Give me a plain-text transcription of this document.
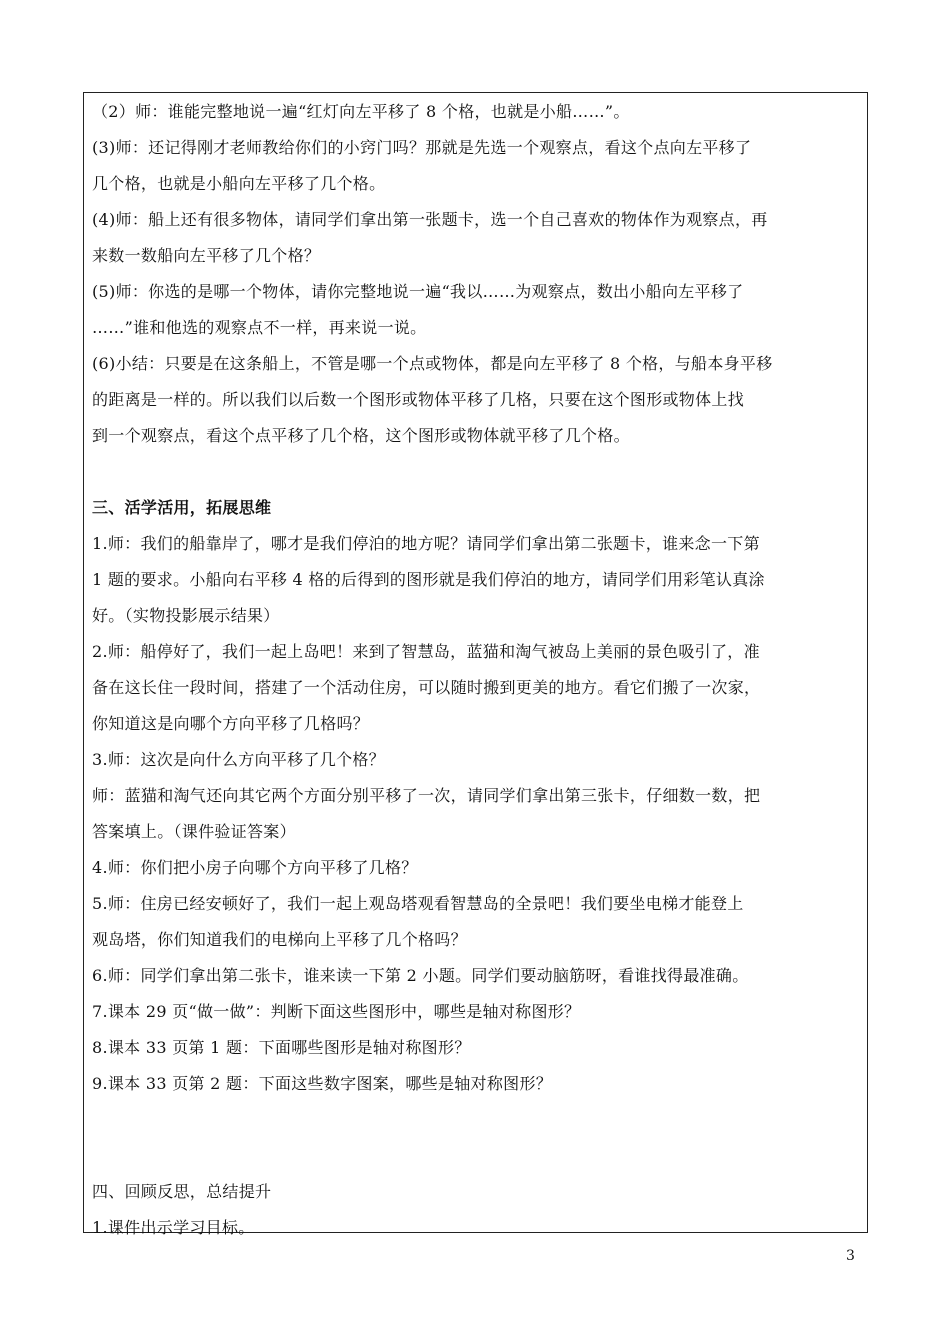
（2）师：谁能完整地说一遍“红灯向左平移了 8 个格，也就是小船……”。
(3)师：还记得刚才老师教给你们的小窍门吗？那就是先选一个观察点，看这个点向左平移了
几个格，也就是小船向左平移了几个格。
(4)师：船上还有很多物体，请同学们拿出第一张题卡，选一个自己喜欢的物体作为观察点，再
来数一数船向左平移了几个格？
(5)师：你选的是哪一个物体，请你完整地说一遍“我以……为观察点，数出小船向左平移了
……”谁和他选的观察点不一样，再来说一说。
(6)小结：只要是在这条船上，不管是哪一个点或物体，都是向左平移了 8 个格，与船本身平移
的距离是一样的。所以我们以后数一个图形或物体平移了几格，只要在这个图形或物体上找
到一个观察点，看这个点平移了几个格，这个图形或物体就平移了几个格。
三、活学活用，拓展思维
1.师：我们的船靠岸了，哪才是我们停泊的地方呢？请同学们拿出第二张题卡，谁来念一下第
1 题的要求。小船向右平移 4 格的后得到的图形就是我们停泊的地方，请同学们用彩笔认真涂
好。（实物投影展示结果）
2.师：船停好了，我们一起上岛吧！来到了智慧岛，蓝猫和淘气被岛上美丽的景色吸引了，准
备在这长住一段时间，搭建了一个活动住房，可以随时搬到更美的地方。看它们搬了一次家，
你知道这是向哪个方向平移了几格吗？
3.师：这次是向什么方向平移了几个格？
师：蓝猫和淘气还向其它两个方面分别平移了一次，请同学们拿出第三张卡，仔细数一数，把
答案填上。（课件验证答案）
4.师：你们把小房子向哪个方向平移了几格？
5.师：住房已经安顿好了，我们一起上观岛塔观看智慧岛的全景吧！我们要坐电梯才能登上
观岛塔，你们知道我们的电梯向上平移了几个格吗？
6.师：同学们拿出第二张卡，谁来读一下第 2 小题。同学们要动脑筋呀，看谁找得最准确。
7.课本 29 页“做一做”：判断下面这些图形中，哪些是轴对称图形？
8.课本 33 页第 1 题：下面哪些图形是轴对称图形？
9.课本 33 页第 2 题：下面这些数字图案，哪些是轴对称图形？
四、回顾反思，总结提升
1.课件出示学习目标。
3
